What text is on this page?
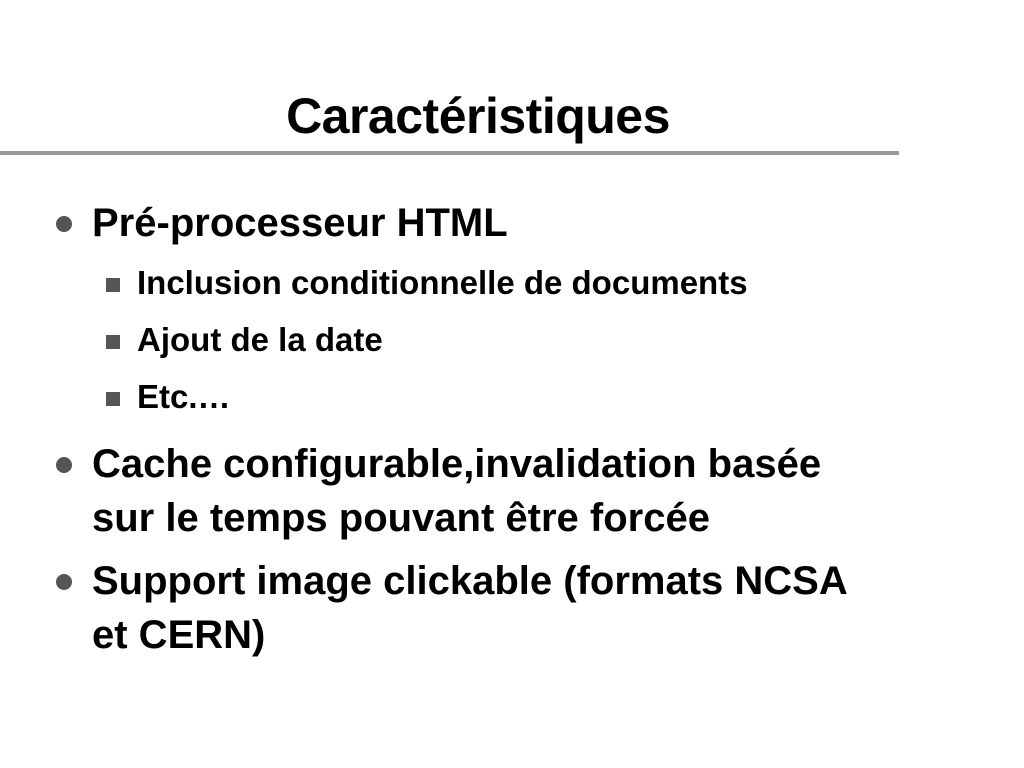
Caractéristiques
Pré-processeur HTML
Inclusion conditionnelle de documents
Ajout de la date
Etc.…
Cache configurable,invalidation basée
sur le temps pouvant être forcée
Support image clickable (formats NCSA
et CERN)
